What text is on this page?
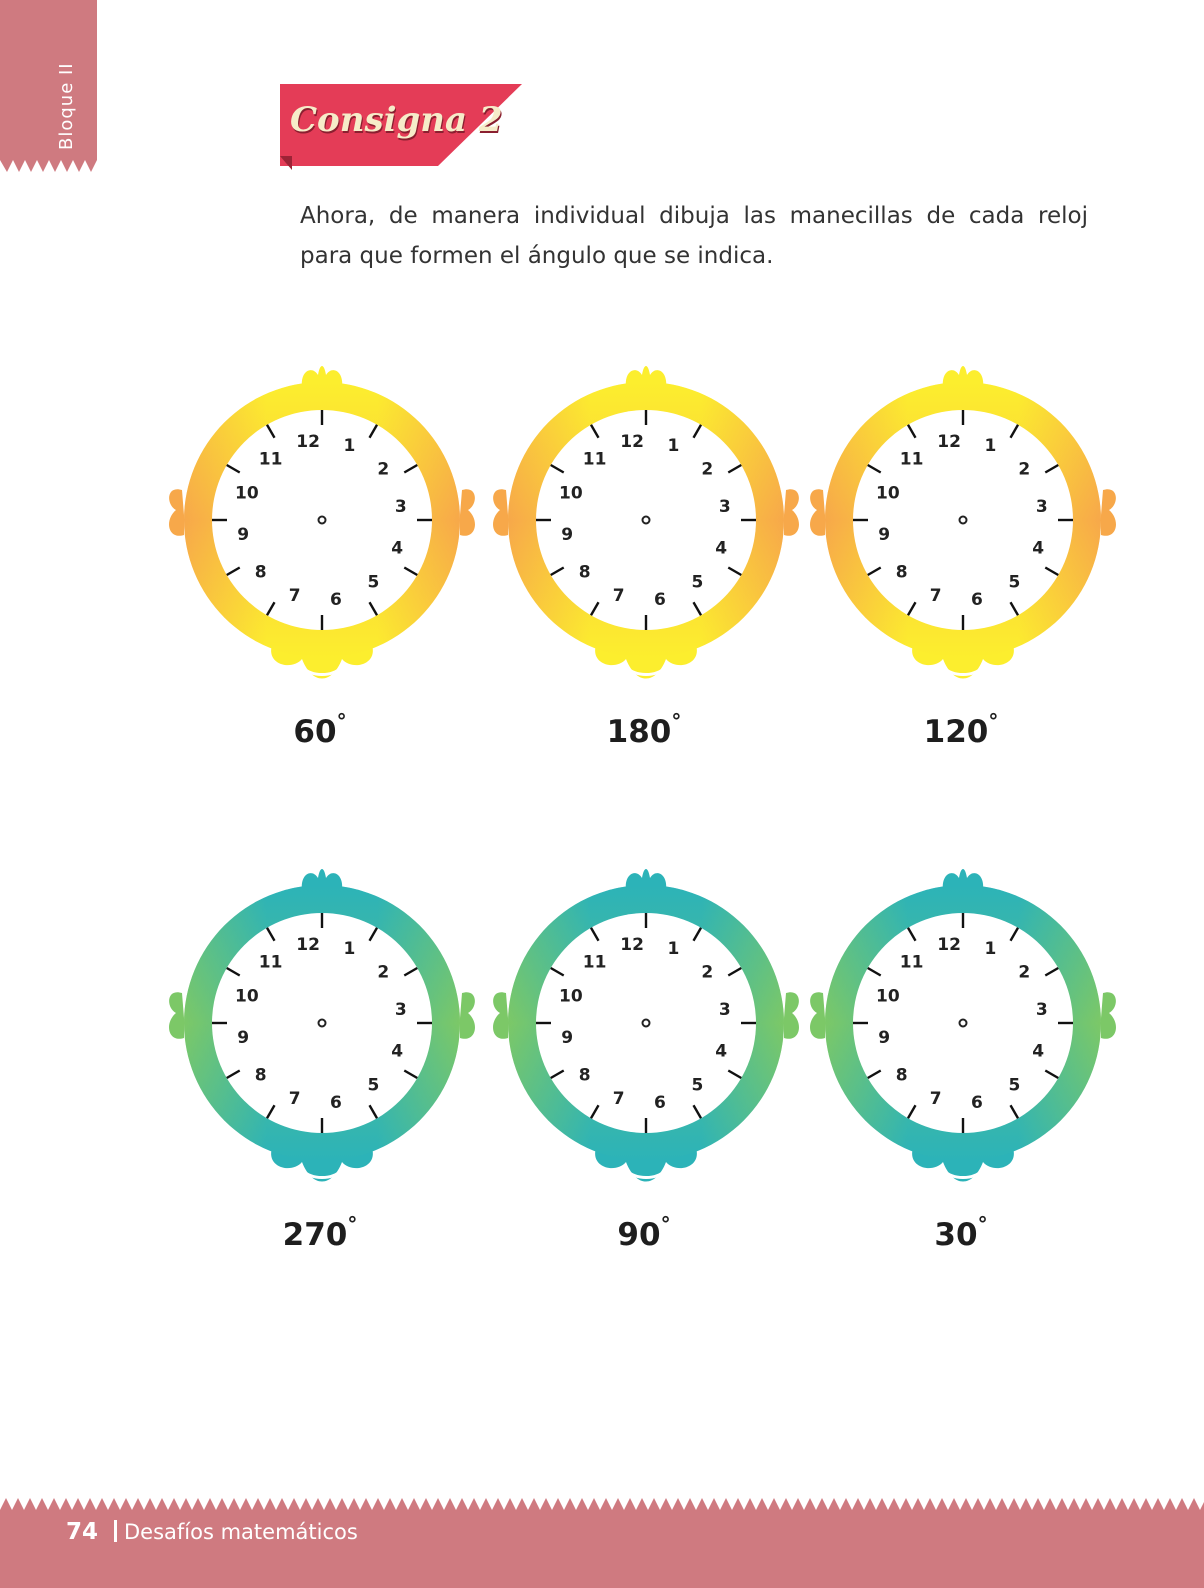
Bloque II	Consigna 2
Ahora, de manera individual dibuja las manecillas de cada reloj para que formen el ángulo que se indica.
12 1
2
3
4
5
6
7
8
9
10
11
12 1
2
3
4
5
6
7
8
9
10
11
12 1
2
3
4
5
6
7
8
9
10
11
12 1
2
3
4
5
6
7
8
9
10
11
12 1
2
3
4
5
6
7
8
9
10
11
12 1
2
3
4
5
6
7
8
9
10
11
60°	180°	120°
270°	90°	30°
74 Desafíos matemáticos
